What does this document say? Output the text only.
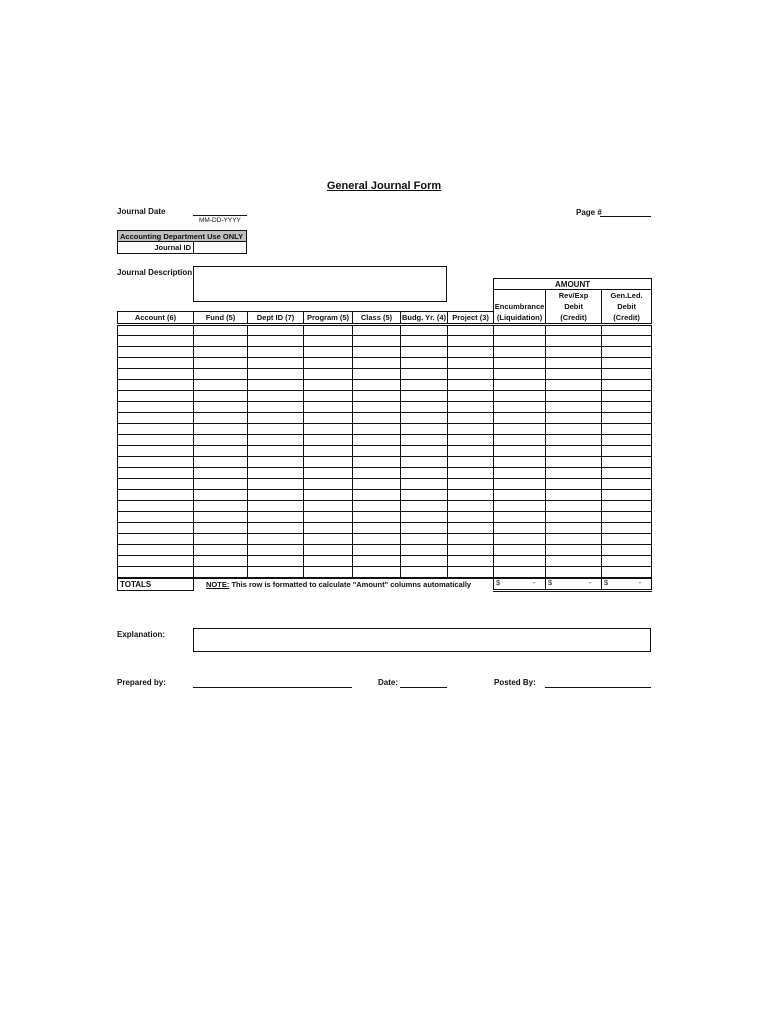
General Journal Form
Journal Date
MM-DD-YYYY
Page #
Accounting Department Use ONLY
Journal ID
Journal Description
							AMOUNT		
								Rev/Exp	Gen.Led.
							Encumbrance	Debit	Debit
Account (6)	Fund (5)	Dept ID (7)	Program (5)	Class (5)	Budg. Yr. (4)	Project (3)	(Liquidation)	(Credit)	(Credit)

TOTALS	NOTE: This row is formatted to calculate "Amount" columns automatically						$ -	$ -	$ -
Explanation:
Prepared by:	Date:	Posted By:
